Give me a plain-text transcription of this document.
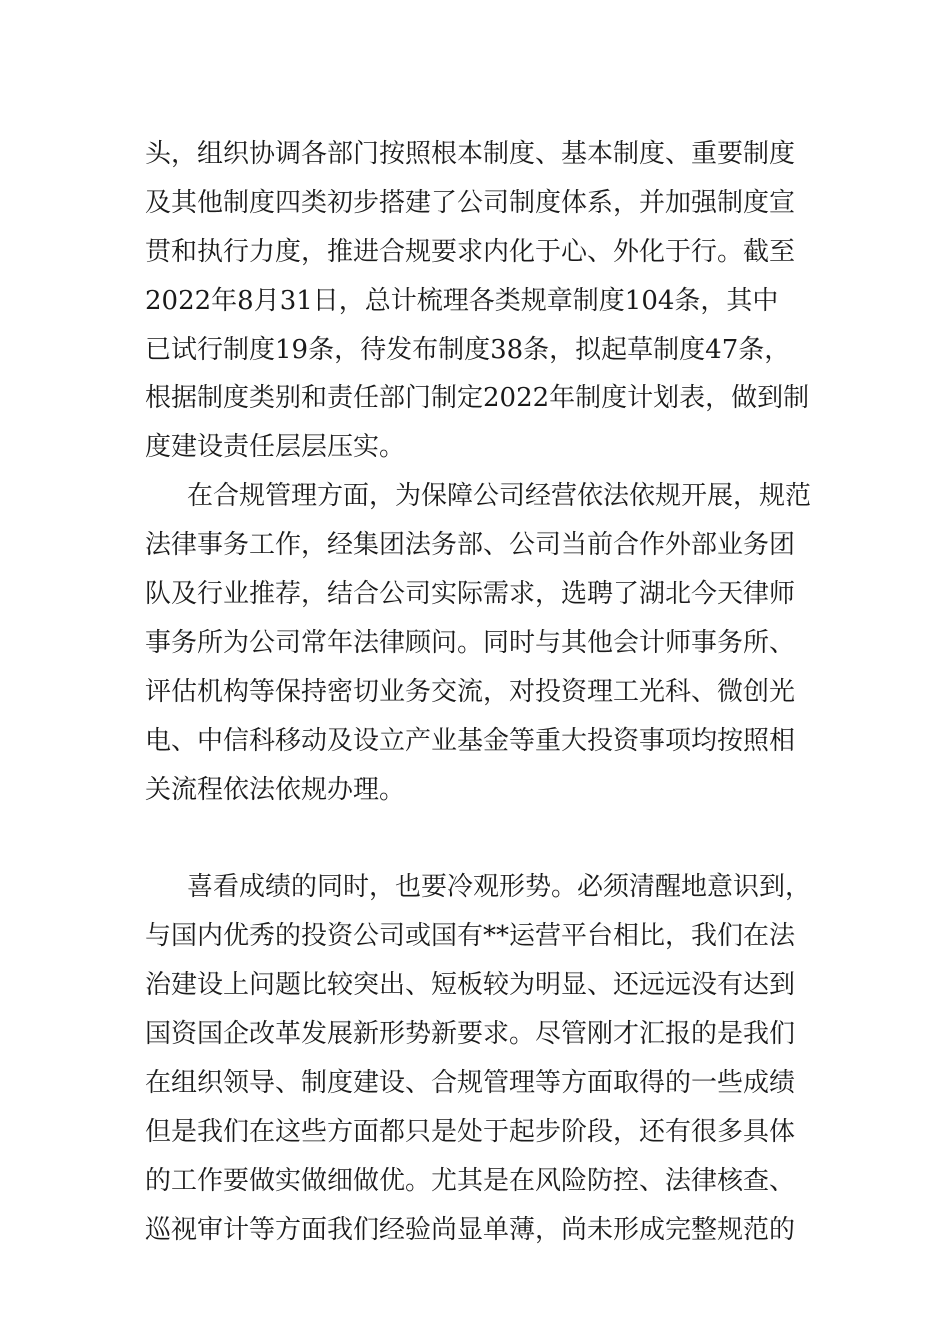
头，组织协调各部门按照根本制度、基本制度、重要制度
及其他制度四类初步搭建了公司制度体系，并加强制度宣
贯和执行力度，推进合规要求内化于心、外化于行。截至
2022年8月31日，总计梳理各类规章制度104条，其中
已试行制度19条，待发布制度38条，拟起草制度47条，
根据制度类别和责任部门制定2022年制度计划表，做到制
度建设责任层层压实。
在合规管理方面，为保障公司经营依法依规开展，规范
法律事务工作，经集团法务部、公司当前合作外部业务团
队及行业推荐，结合公司实际需求，选聘了湖北今天律师
事务所为公司常年法律顾问。同时与其他会计师事务所、
评估机构等保持密切业务交流，对投资理工光科、微创光
电、中信科移动及设立产业基金等重大投资事项均按照相
关流程依法依规办理。
喜看成绩的同时，也要冷观形势。必须清醒地意识到，
与国内优秀的投资公司或国有**运营平台相比，我们在法
治建设上问题比较突出、短板较为明显、还远远没有达到
国资国企改革发展新形势新要求。尽管刚才汇报的是我们
在组织领导、制度建设、合规管理等方面取得的一些成绩
但是我们在这些方面都只是处于起步阶段，还有很多具体
的工作要做实做细做优。尤其是在风险防控、法律核查、
巡视审计等方面我们经验尚显单薄，尚未形成完整规范的
